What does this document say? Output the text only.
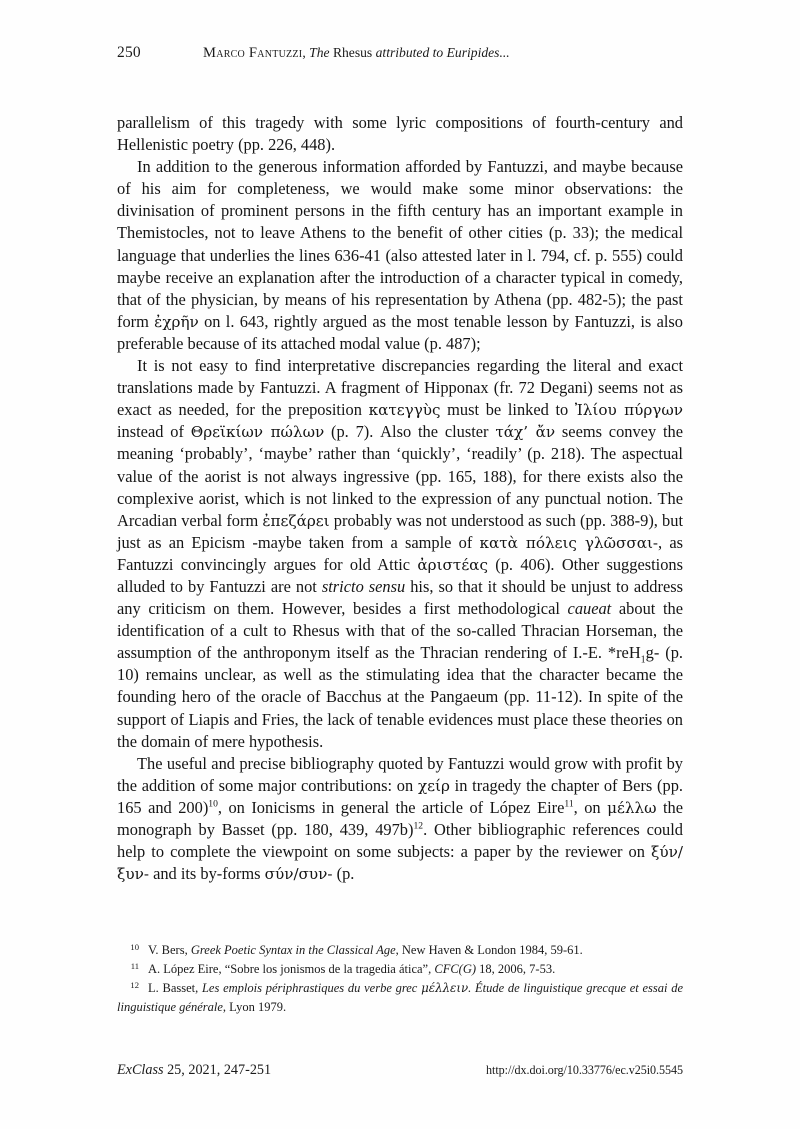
250	Marco Fantuzzi, The Rhesus attributed to Euripides...

parallelism of this tragedy with some lyric compositions of fourth-century and Hellenistic poetry (pp. 226, 448).

In addition to the generous information afforded by Fantuzzi, and maybe because of his aim for completeness, we would make some minor observations: the divinisation of prominent persons in the fifth century has an important example in Themistocles, not to leave Athens to the benefit of other cities (p. 33); the medical language that underlies the lines 636-41 (also attested later in l. 794, cf. p. 555) could maybe receive an explanation after the introduction of a character typical in comedy, that of the physician, by means of his representation by Athena (pp. 482-5); the past form ἐχρῆν on l. 643, rightly argued as the most tenable lesson by Fantuzzi, is also preferable because of its attached modal value (p. 487);

It is not easy to find interpretative discrepancies regarding the literal and exact translations made by Fantuzzi. A fragment of Hipponax (fr. 72 Degani) seems not as exact as needed, for the preposition κατεγγὺς must be linked to Ἰλίου πύργων instead of Θρεϊκίων πώλων (p. 7). Also the cluster τάχ’ ἄν seems convey the meaning ‘probably’, ‘maybe’ rather than ‘quickly’, ‘readily’ (p. 218). The aspectual value of the aorist is not always ingressive (pp. 165, 188), for there exists also the complexive aorist, which is not linked to the expression of any punctual notion. The Arcadian verbal form ἐπεζάρει probably was not understood as such (pp. 388-9), but just as an Epicism -maybe taken from a sample of κατὰ πόλεις γλῶσσαι-, as Fantuzzi convincingly argues for old Attic ἀριστέας (p. 406). Other suggestions alluded to by Fantuzzi are not stricto sensu his, so that it should be unjust to address any criticism on them. However, besides a first methodological caueat about the identification of a cult to Rhesus with that of the so-called Thracian Horseman, the assumption of the anthroponym itself as the Thracian rendering of I.-E. *reH$_1$g- (p. 10) remains unclear, as well as the stimulating idea that the character became the founding hero of the oracle of Bacchus at the Pangaeum (pp. 11-12). In spite of the support of Liapis and Fries, the lack of tenable evidences must place these theories on the domain of mere hypothesis.

The useful and precise bibliography quoted by Fantuzzi would grow with profit by the addition of some major contributions: on χείρ in tragedy the chapter of Bers (pp. 165 and 200)$^{10}$, on Ionicisms in general the article of López Eire$^{11}$, on μέλλω the monograph by Basset (pp. 180, 439, 497b)$^{12}$. Other bibliographic references could help to complete the viewpoint on some subjects: a paper by the reviewer on ξύν/ξυν- and its by-forms σύν/συν- (p.

10 V. Bers, Greek Poetic Syntax in the Classical Age, New Haven & London 1984, 59-61.

11 A. López Eire, “Sobre los jonismos de la tragedia ática”, CFC(G) 18, 2006, 7-53.

12 L. Basset, Les emplois périphrastiques du verbe grec μέλλειν. Étude de linguistique grecque et essai de linguistique générale, Lyon 1979.

ExClass 25, 2021, 247-251	http://dx.doi.org/10.33776/ec.v25i0.5545
